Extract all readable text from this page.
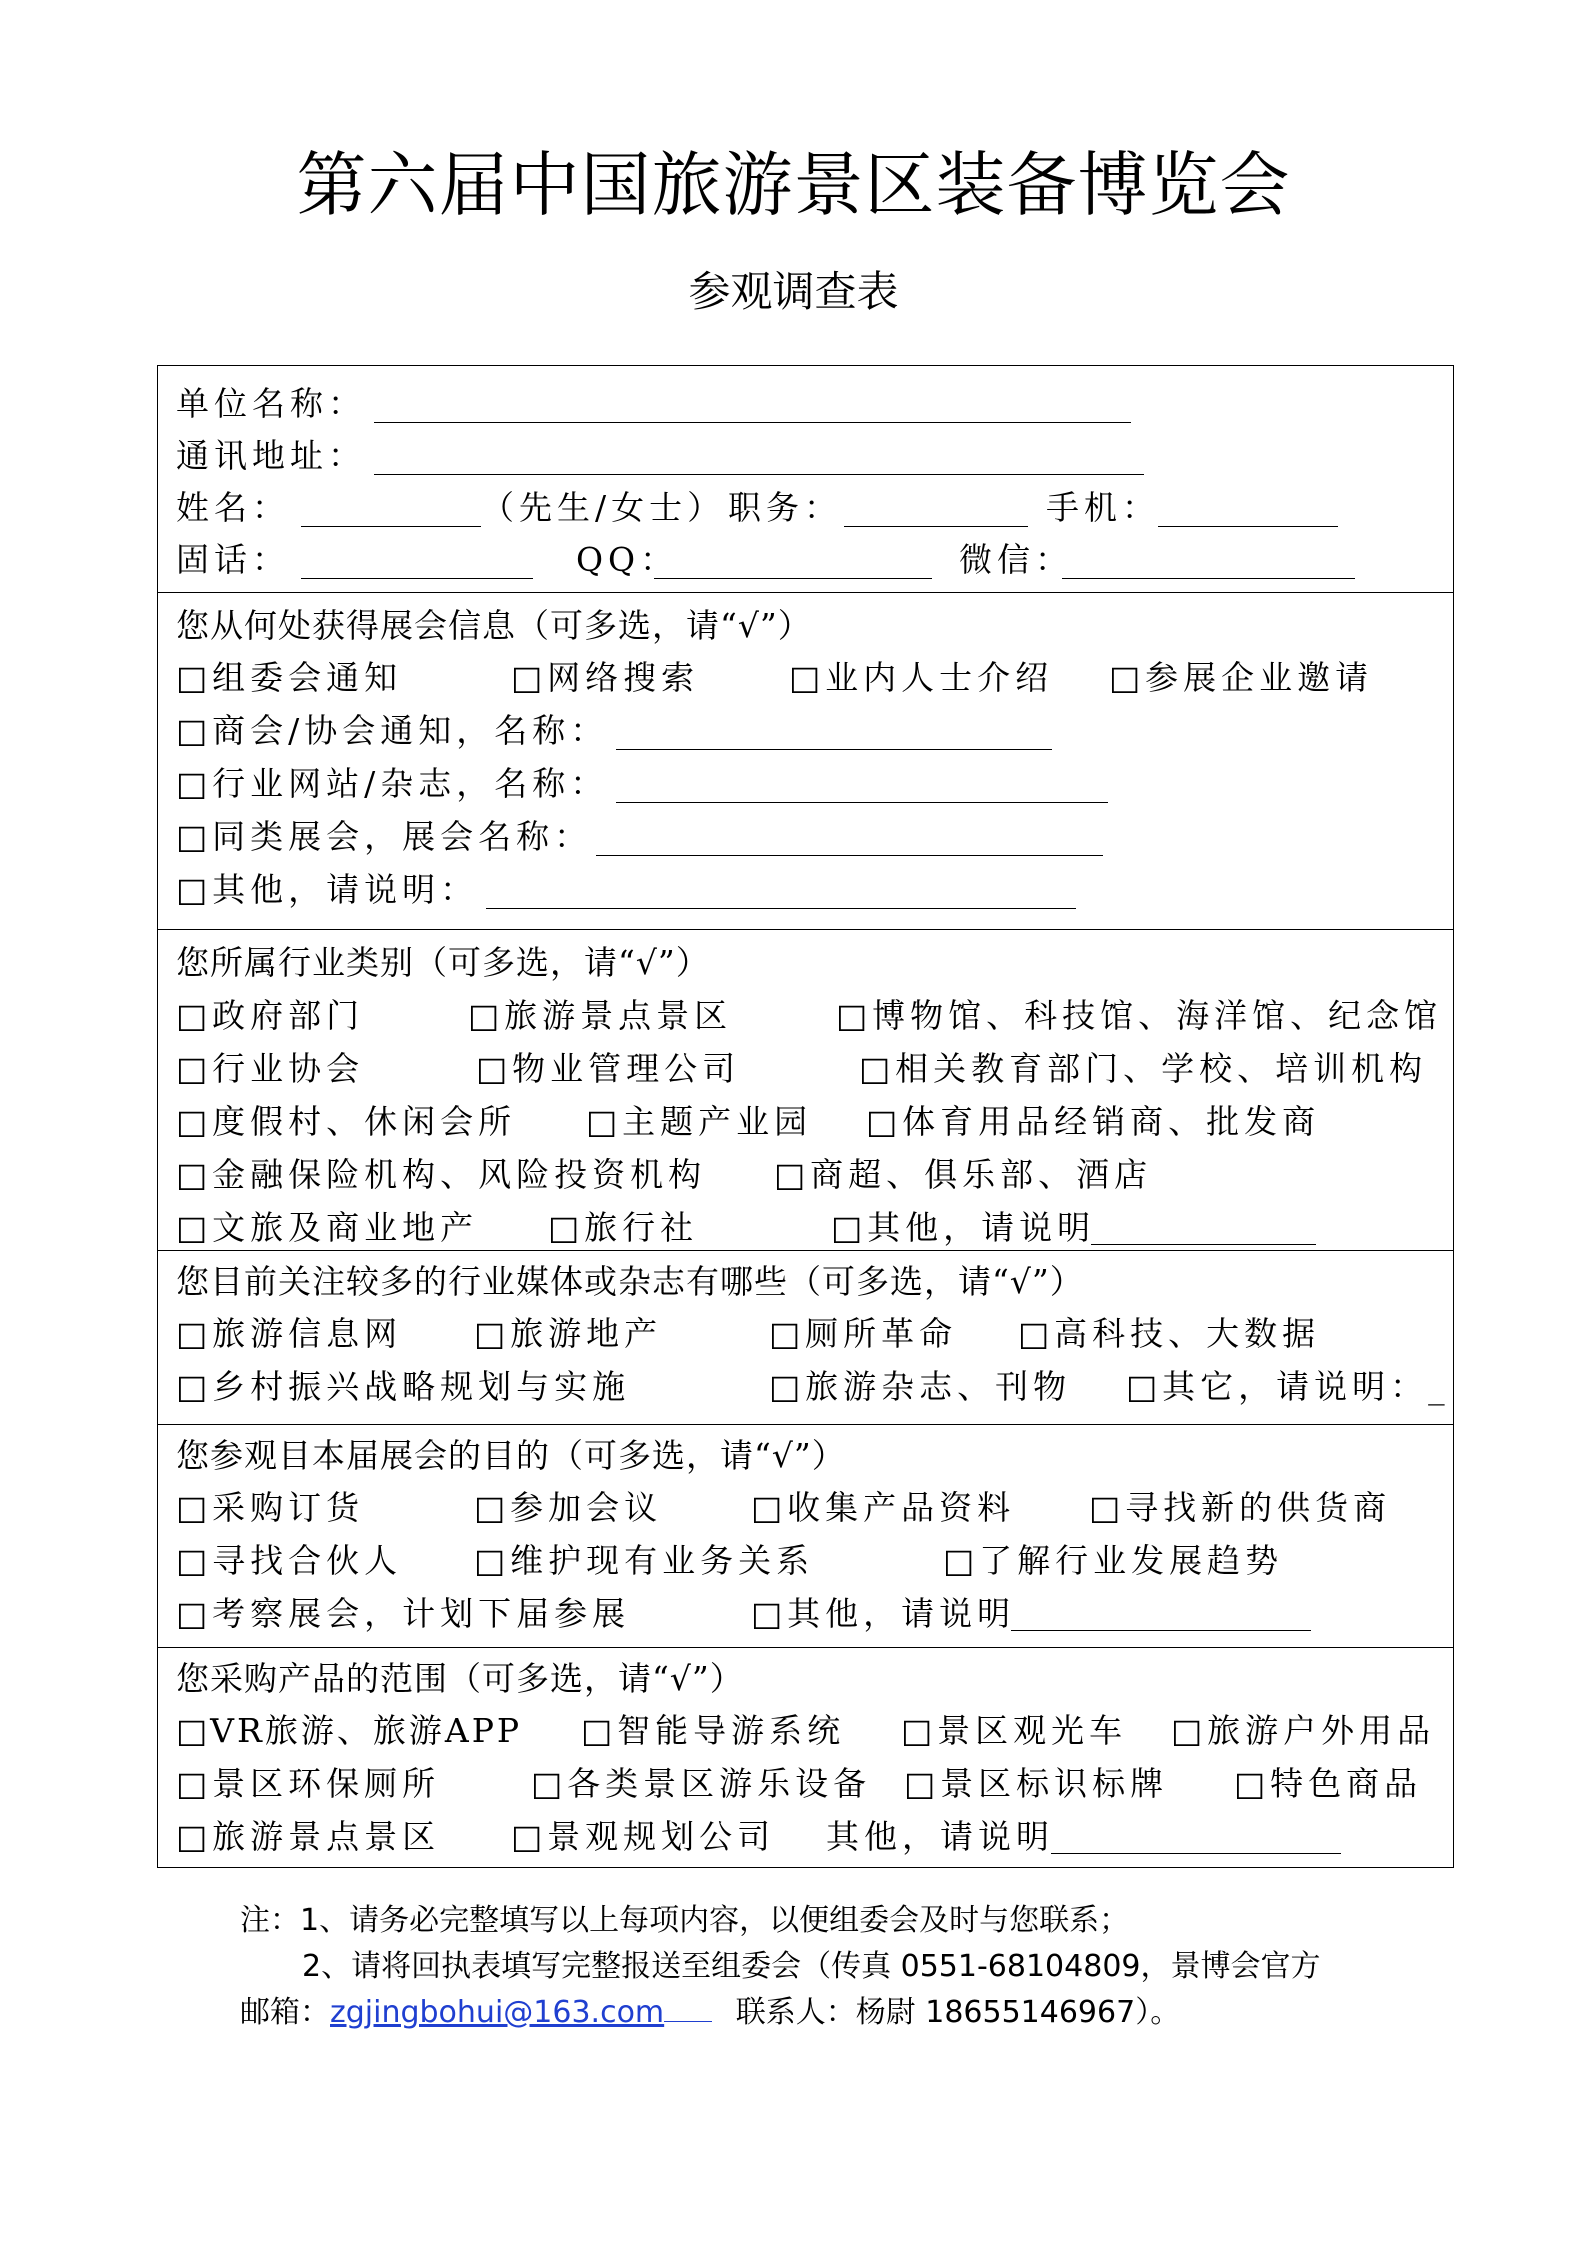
第六届中国旅游景区装备博览会
参观调查表
单位名称：
通讯地址：
姓名：	（先生/女士） 职务：	手机：
固话：	QQ：	微信：
您从何处获得展会信息（可多选，请“√”）
□组委会通知	□网络搜索	□业内人士介绍 □参展企业邀请
□商会/协会通知，名称：
□行业网站/杂志，名称：
□同类展会，展会名称：
□其他，请说明：
您所属行业类别（可多选，请“√”）
□政府部门	□旅游景点景区	□博物馆、科技馆、海洋馆、纪念馆
□行业协会	□物业管理公司	□相关教育部门、学校、培训机构
□度假村、休闲会所 □主题产业园 □体育用品经销商、批发商
□金融保险机构、风险投资机构 □商超、俱乐部、酒店
□文旅及商业地产 □旅行社	□其他，请说明
您目前关注较多的行业媒体或杂志有哪些（可多选，请“√”）
□旅游信息网 □旅游地产	□厕所革命 □高科技、大数据
□乡村振兴战略规划与实施	□旅游杂志、刊物 □其它，请说明：_
您参观目本届展会的目的（可多选，请“√”）
□采购订货	□参加会议	□收集产品资料 □寻找新的供货商
□寻找合伙人 □维护现有业务关系	□了解行业发展趋势
□考察展会，计划下届参展	□其他，请说明
您采购产品的范围（可多选，请“√”）
□VR旅游、旅游APP □智能导游系统 □景区观光车 □旅游户外用品
□景区环保厕所	□各类景区游乐设备 □景区标识标牌 □特色商品
□旅游景点景区 □景观规划公司 其他，请说明
注：1、请务必完整填写以上每项内容，以便组委会及时与您联系；
2、请将回执表填写完整报送至组委会（传真 0551-68104809，景博会官方
邮箱：zgjingbohui@163.com 联系人：杨尉 18655146967）。
